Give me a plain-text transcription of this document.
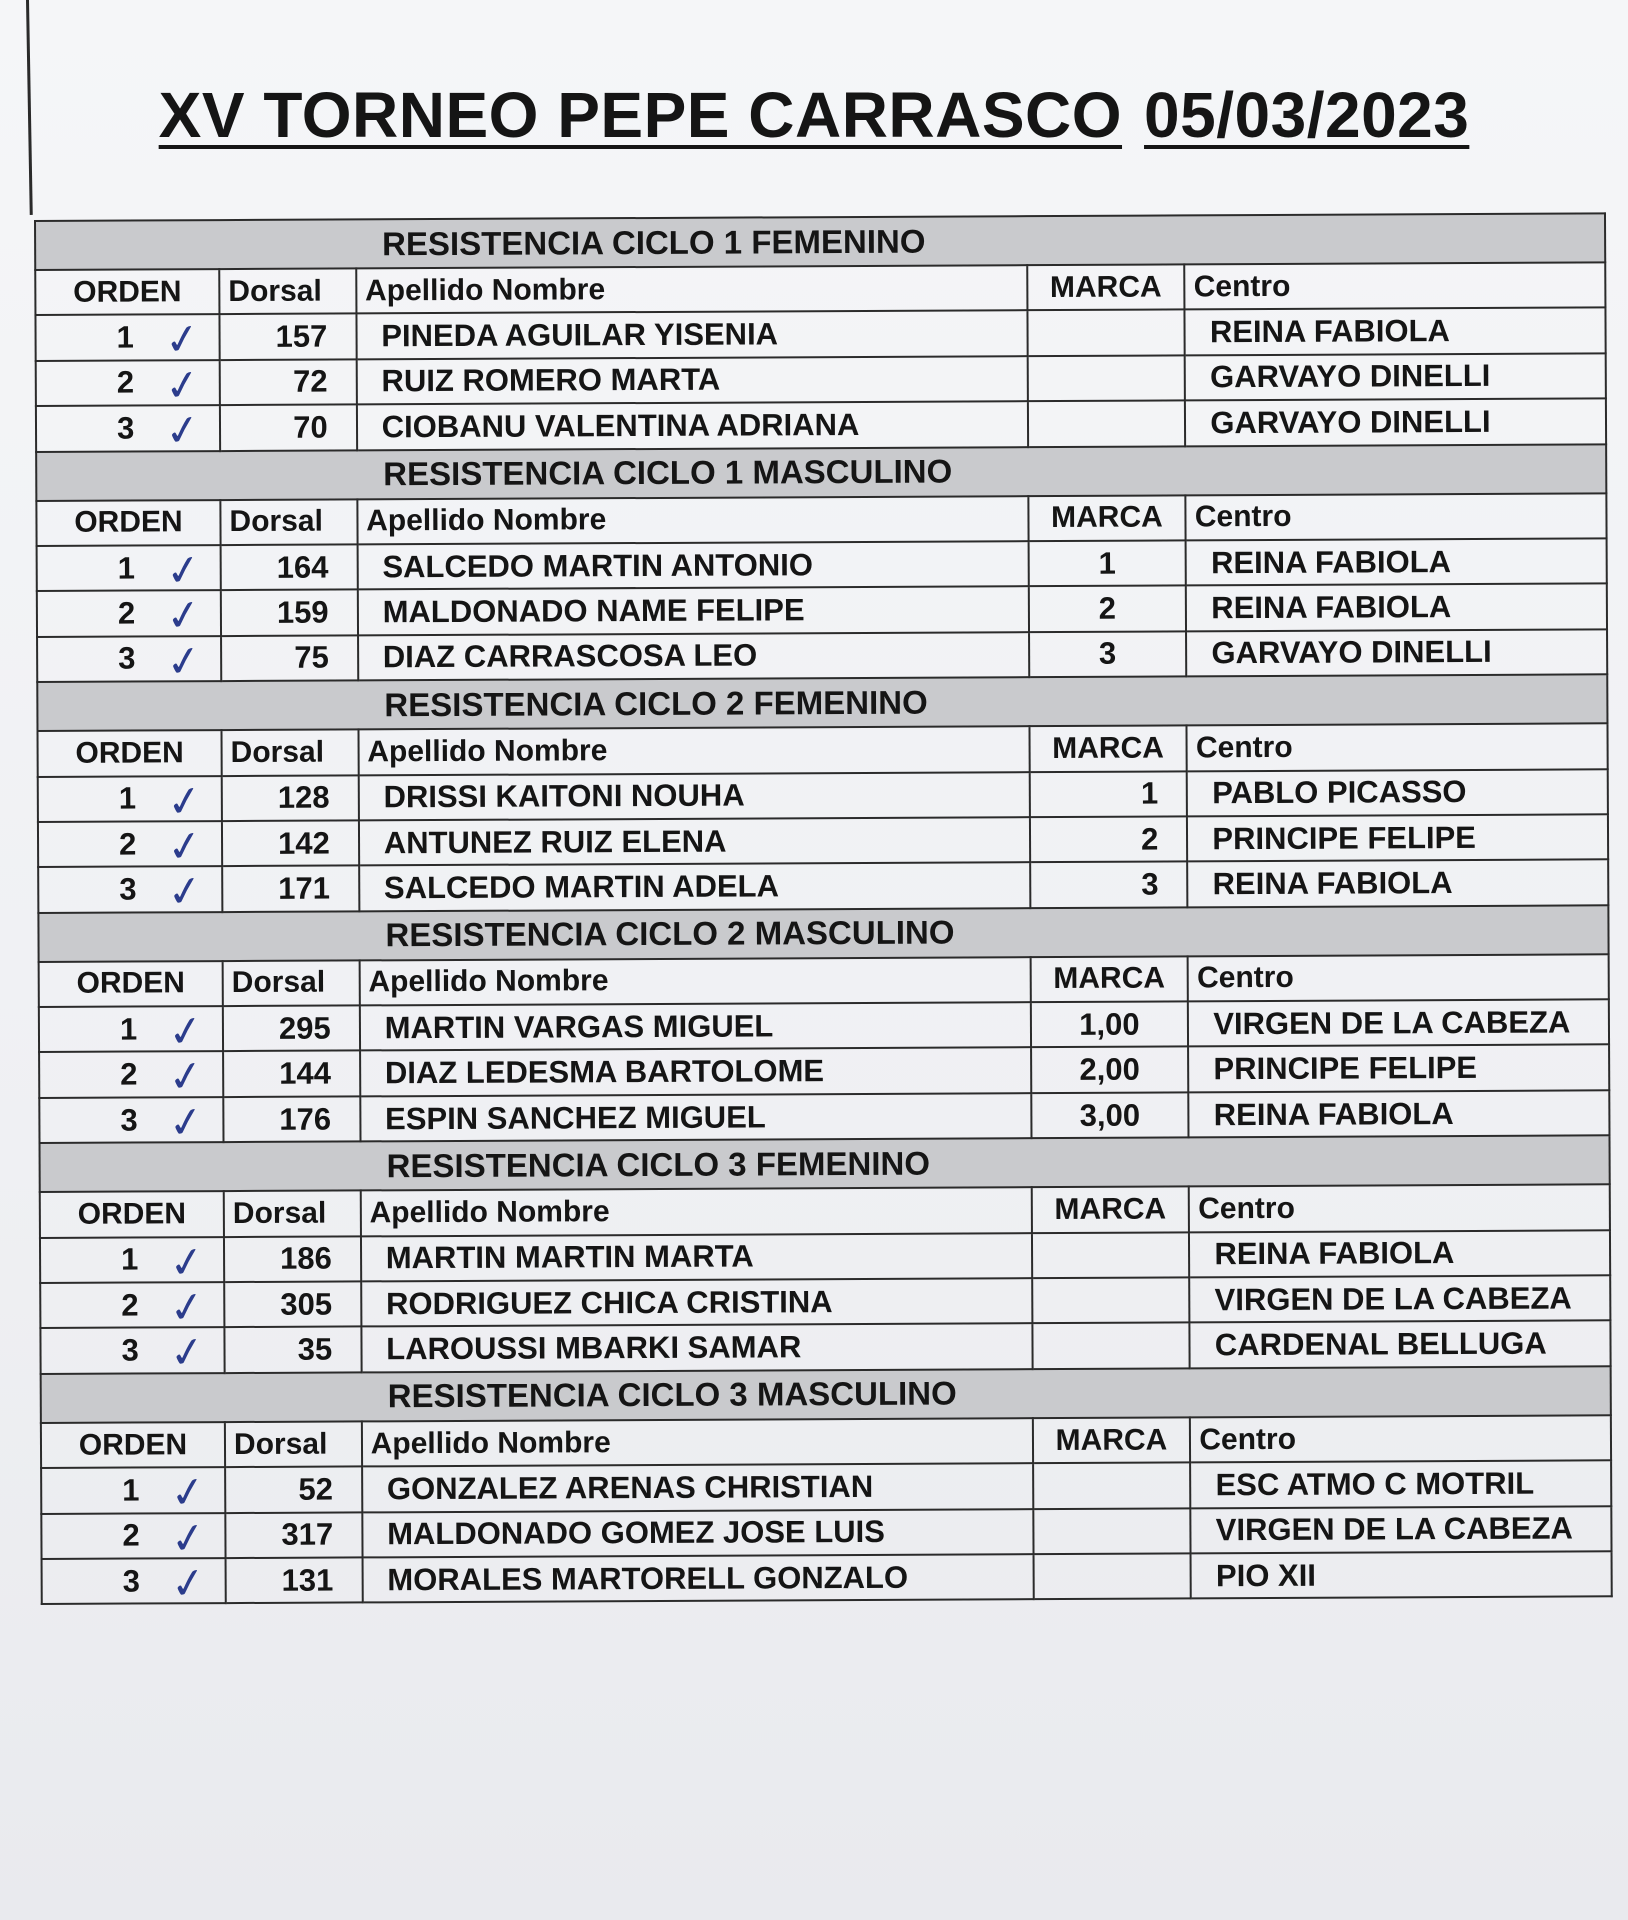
XV TORNEO PEPE CARRASCO 05/03/2023
RESISTENCIA CICLO 1 FEMENINO				
ORDEN	Dorsal	Apellido Nombre	MARCA	Centro
1 ✓	157	PINEDA AGUILAR YISENIA		REINA FABIOLA
2 ✓	72	RUIZ ROMERO MARTA		GARVAYO DINELLI
3 ✓	70	CIOBANU VALENTINA ADRIANA		GARVAYO DINELLI
RESISTENCIA CICLO 1 MASCULINO				
ORDEN	Dorsal	Apellido Nombre	MARCA	Centro
1 ✓	164	SALCEDO MARTIN ANTONIO	1	REINA FABIOLA
2 ✓	159	MALDONADO NAME FELIPE	2	REINA FABIOLA
3 ✓	75	DIAZ CARRASCOSA LEO	3	GARVAYO DINELLI
RESISTENCIA CICLO 2 FEMENINO				
ORDEN	Dorsal	Apellido Nombre	MARCA	Centro
1 ✓	128	DRISSI KAITONI NOUHA	1	PABLO PICASSO
2 ✓	142	ANTUNEZ RUIZ ELENA	2	PRINCIPE FELIPE
3 ✓	171	SALCEDO MARTIN ADELA	3	REINA FABIOLA
RESISTENCIA CICLO 2 MASCULINO				
ORDEN	Dorsal	Apellido Nombre	MARCA	Centro
1 ✓	295	MARTIN VARGAS MIGUEL	1,00	VIRGEN DE LA CABEZA
2 ✓	144	DIAZ LEDESMA BARTOLOME	2,00	PRINCIPE FELIPE
3 ✓	176	ESPIN SANCHEZ MIGUEL	3,00	REINA FABIOLA
RESISTENCIA CICLO 3 FEMENINO				
ORDEN	Dorsal	Apellido Nombre	MARCA	Centro
1 ✓	186	MARTIN MARTIN MARTA		REINA FABIOLA
2 ✓	305	RODRIGUEZ CHICA CRISTINA		VIRGEN DE LA CABEZA
3 ✓	35	LAROUSSI MBARKI SAMAR		CARDENAL BELLUGA
RESISTENCIA CICLO 3 MASCULINO				
ORDEN	Dorsal	Apellido Nombre	MARCA	Centro
1 ✓	52	GONZALEZ ARENAS CHRISTIAN		ESC ATMO C MOTRIL
2 ✓	317	MALDONADO GOMEZ JOSE LUIS		VIRGEN DE LA CABEZA
3 ✓	131	MORALES MARTORELL GONZALO		PIO XII
